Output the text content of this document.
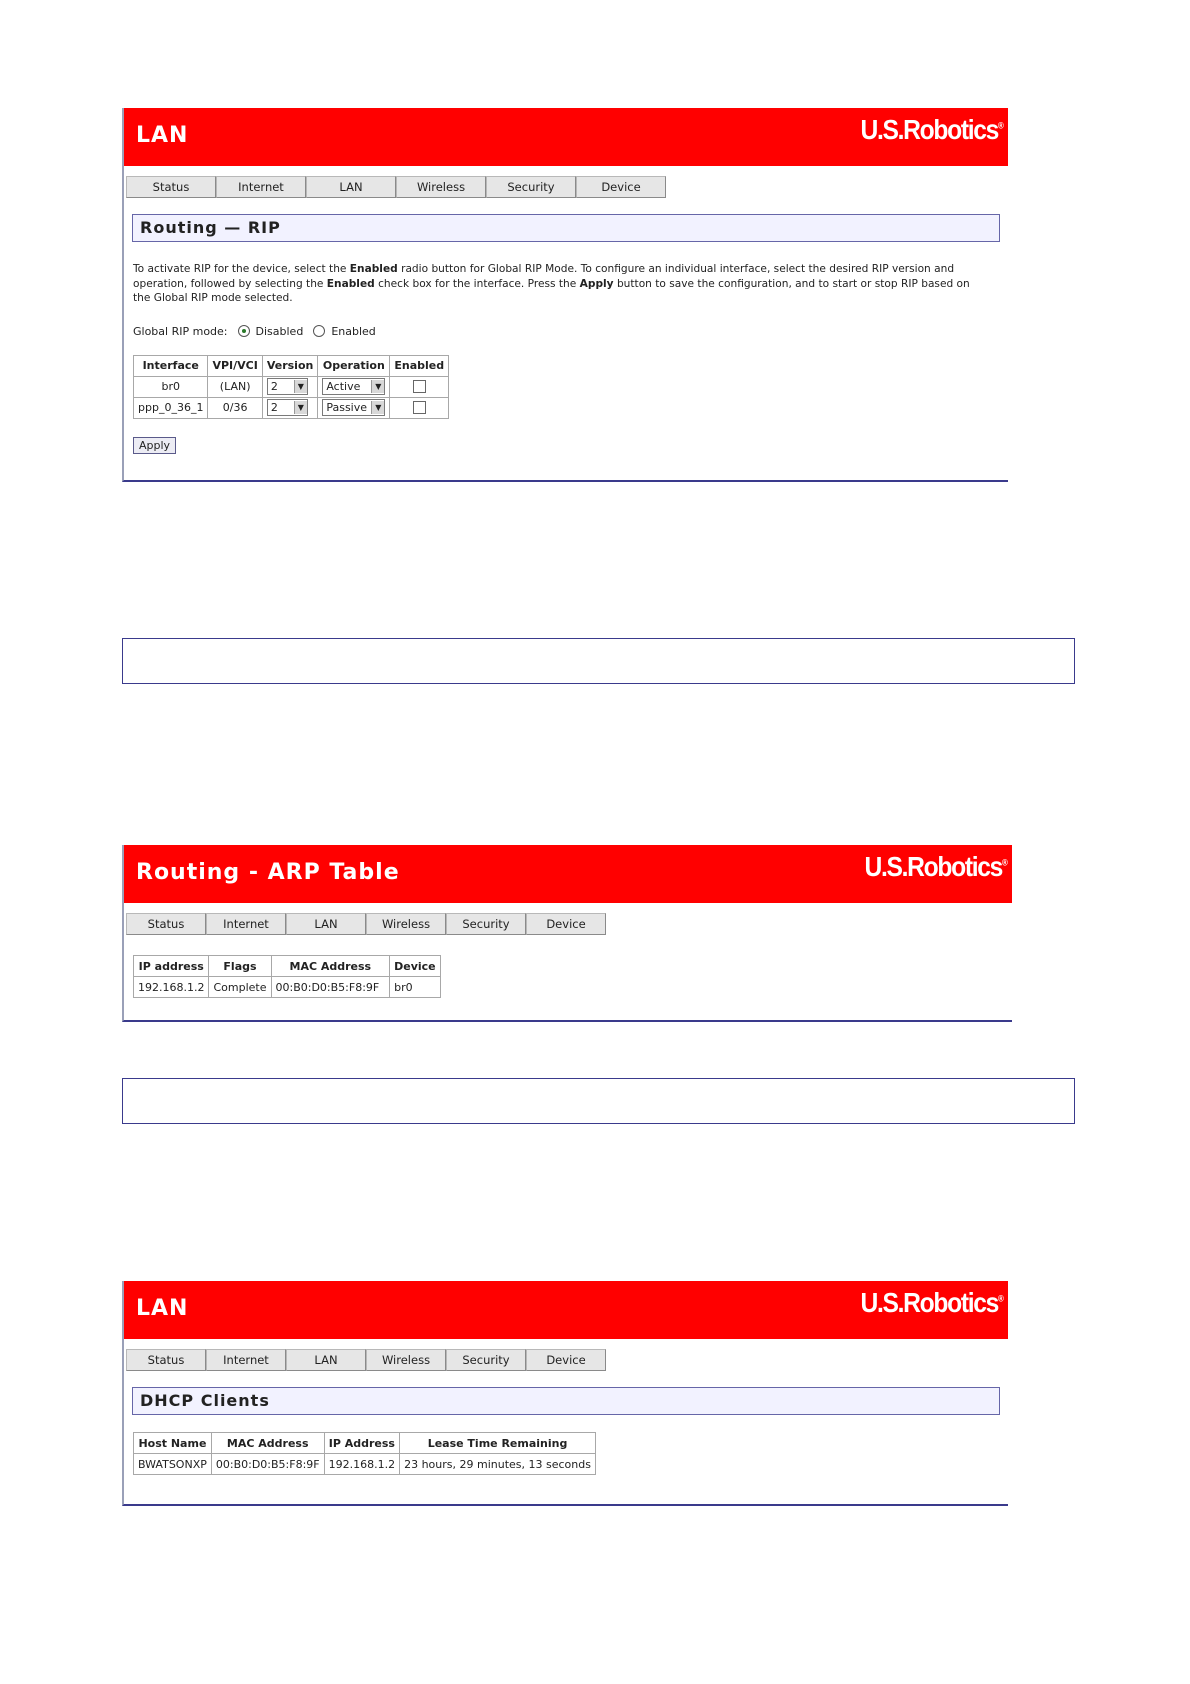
LAN	U.S.Robotics®
Status	Internet	LAN	Wireless	Security	Device
Routing — RIP
To activate RIP for the device, select the Enabled radio button for Global RIP Mode. To configure an individual interface, select the desired RIP version and operation, followed by selecting the Enabled check box for the interface. Press the Apply button to save the configuration, and to start or stop RIP based on the Global RIP mode selected.
Global RIP mode:	Disabled	Enabled
Interface	VPI/VCI	Version	Operation	Enabled
br0	(LAN)	2 ▼	Active ▼	

ppp_0_36_1	0/36	2 ▼	Passive ▼	

Apply
Routing - ARP Table	U.S.Robotics®
Status	Internet	LAN	Wireless	Security	Device
IP address	Flags	MAC Address	Device
192.168.1.2	Complete	00:B0:D0:B5:F8:9F	br0
LAN	U.S.Robotics®
Status	Internet	LAN	Wireless	Security	Device
DHCP Clients
Host Name	MAC Address	IP Address	Lease Time Remaining
BWATSONXP	00:B0:D0:B5:F8:9F	192.168.1.2	23 hours, 29 minutes, 13 seconds
